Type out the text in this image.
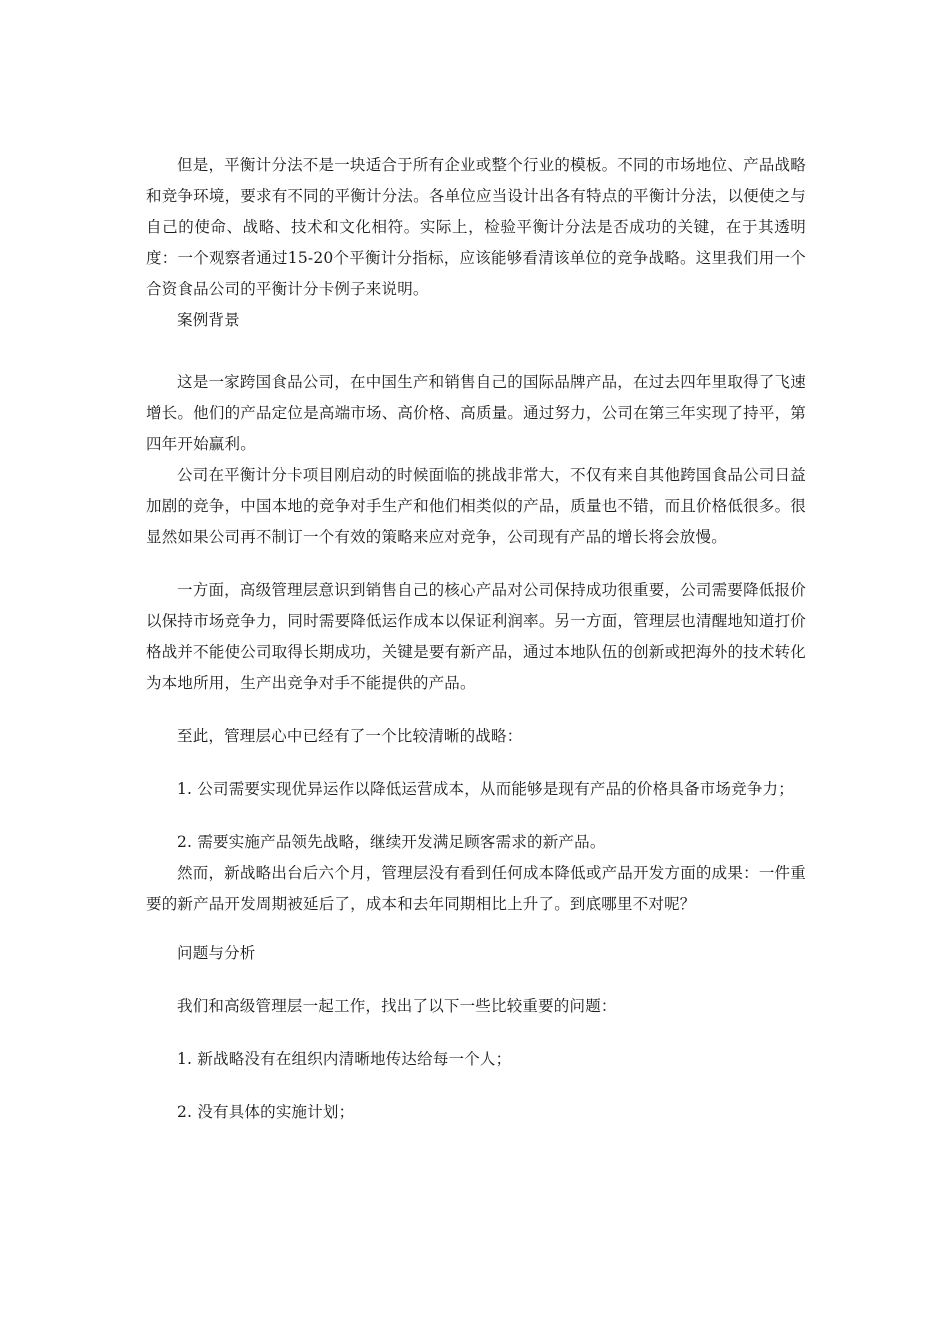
但是，平衡计分法不是一块适合于所有企业或整个行业的模板。不同的市场地位、产品战略和竞争环境，要求有不同的平衡计分法。各单位应当设计出各有特点的平衡计分法，以便使之与自己的使命、战略、技术和文化相符。实际上，检验平衡计分法是否成功的关键，在于其透明度：一个观察者通过15-20个平衡计分指标，应该能够看清该单位的竞争战略。这里我们用一个合资食品公司的平衡计分卡例子来说明。

案例背景

这是一家跨国食品公司，在中国生产和销售自己的国际品牌产品，在过去四年里取得了飞速增长。他们的产品定位是高端市场、高价格、高质量。通过努力，公司在第三年实现了持平，第四年开始赢利。

公司在平衡计分卡项目刚启动的时候面临的挑战非常大，不仅有来自其他跨国食品公司日益加剧的竞争，中国本地的竞争对手生产和他们相类似的产品，质量也不错，而且价格低很多。很显然如果公司再不制订一个有效的策略来应对竞争，公司现有产品的增长将会放慢。

一方面，高级管理层意识到销售自己的核心产品对公司保持成功很重要，公司需要降低报价以保持市场竞争力，同时需要降低运作成本以保证利润率。另一方面，管理层也清醒地知道打价格战并不能使公司取得长期成功，关键是要有新产品，通过本地队伍的创新或把海外的技术转化为本地所用，生产出竞争对手不能提供的产品。

至此，管理层心中已经有了一个比较清晰的战略：

1. 公司需要实现优异运作以降低运营成本，从而能够是现有产品的价格具备市场竞争力；

2. 需要实施产品领先战略，继续开发满足顾客需求的新产品。

然而，新战略出台后六个月，管理层没有看到任何成本降低或产品开发方面的成果：一件重要的新产品开发周期被延后了，成本和去年同期相比上升了。到底哪里不对呢？

问题与分析

我们和高级管理层一起工作，找出了以下一些比较重要的问题：

1. 新战略没有在组织内清晰地传达给每一个人；

2. 没有具体的实施计划；
